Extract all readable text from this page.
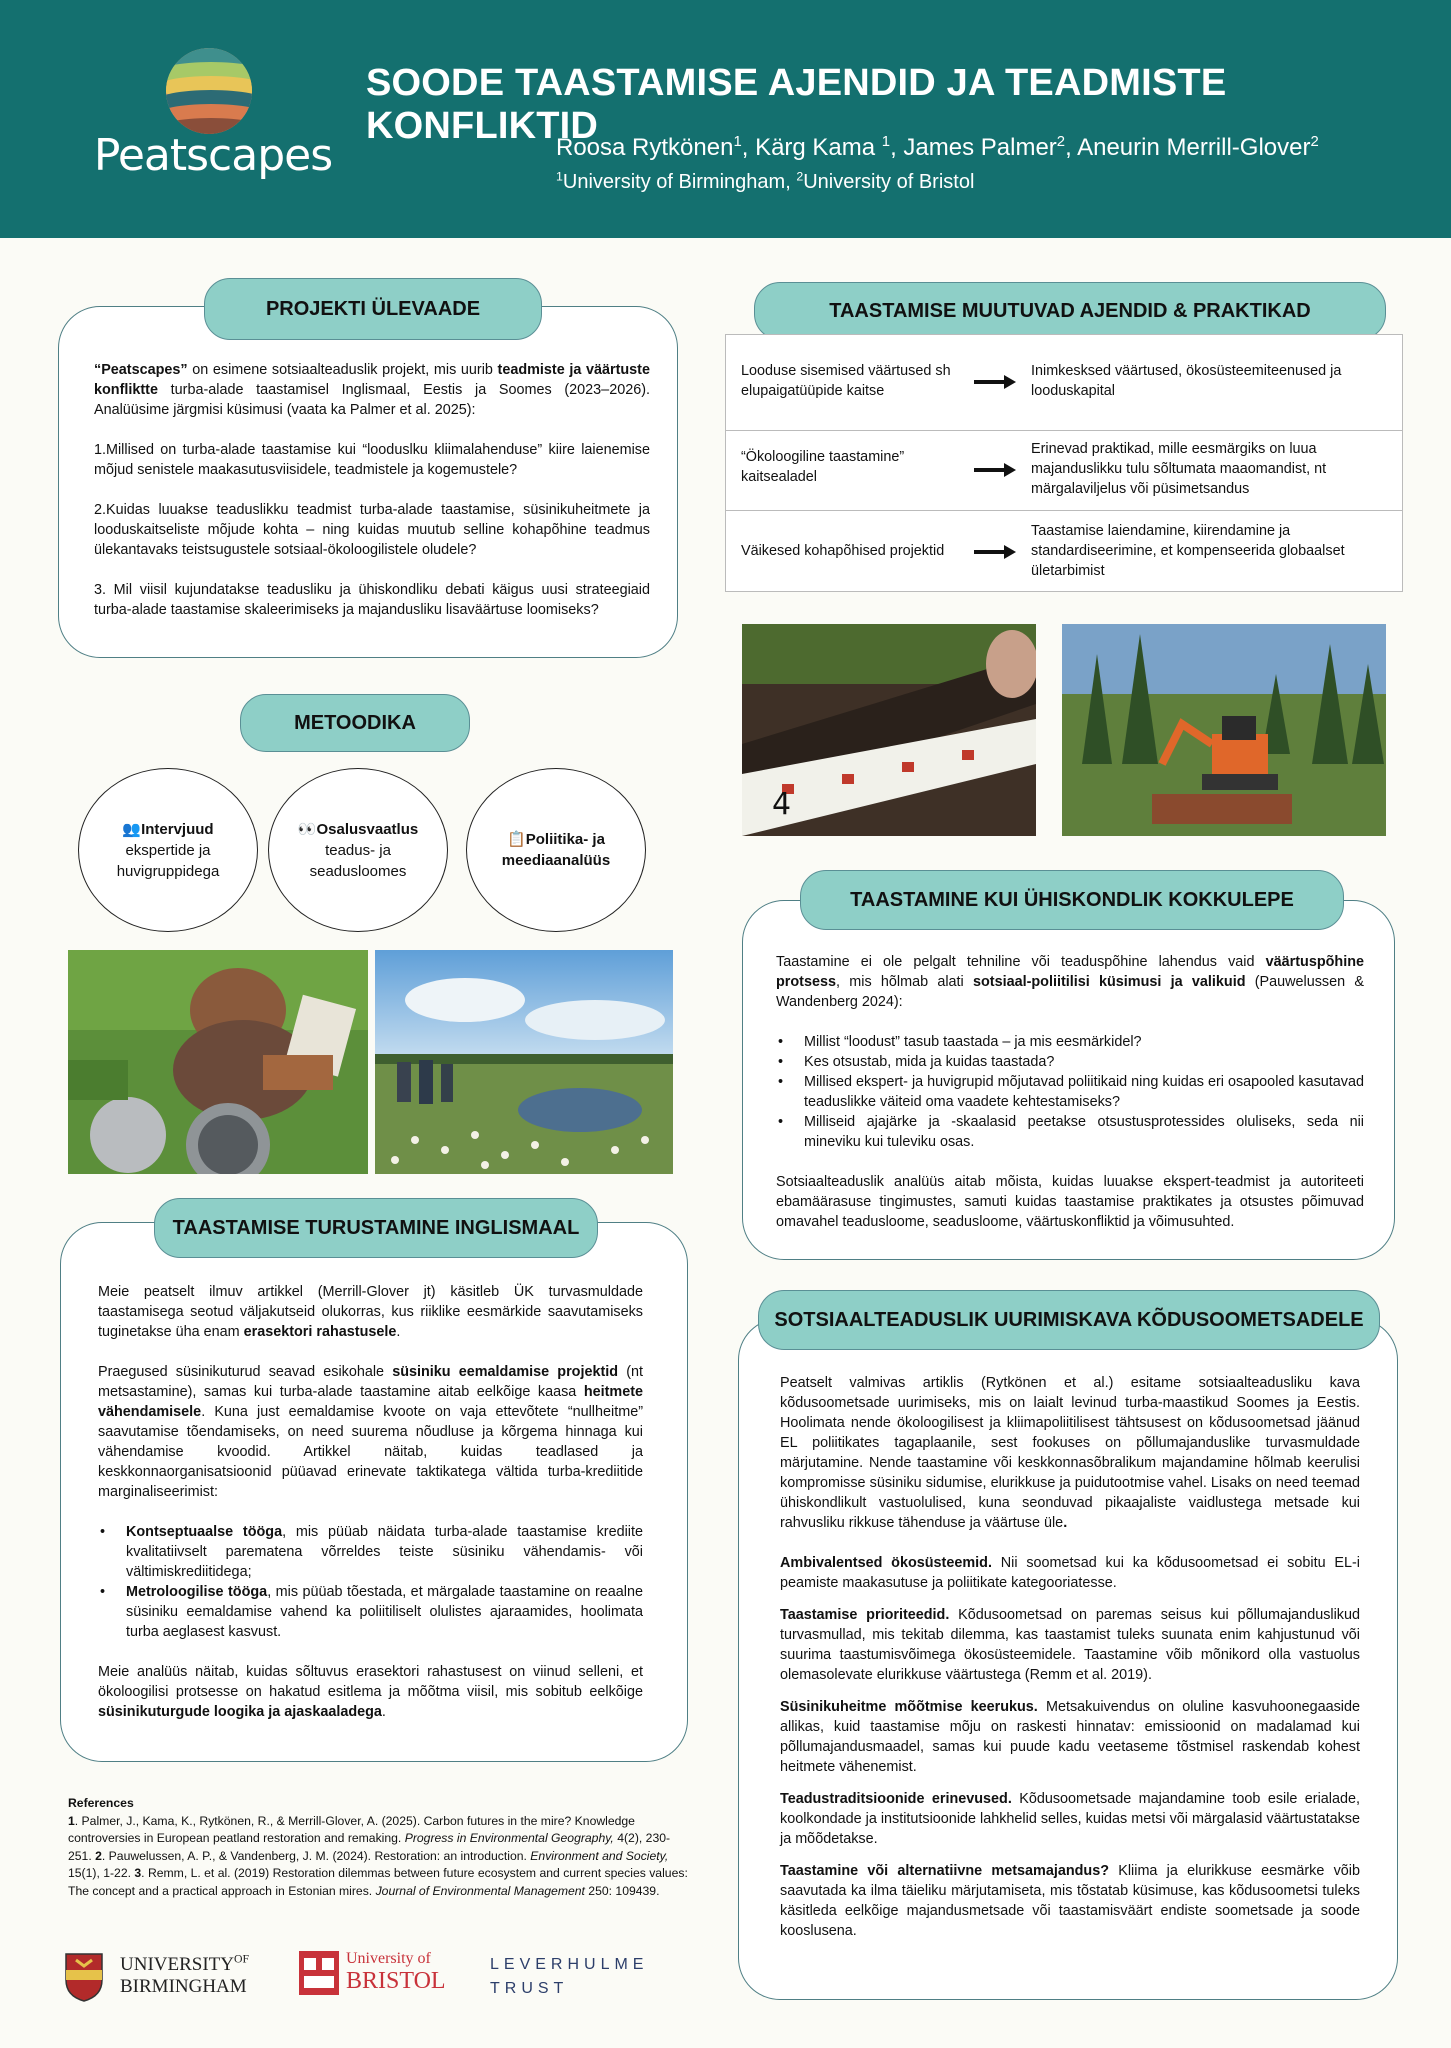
Peatscapes
SOODE TAASTAMISE AJENDID JA TEADMISTE KONFLIKTID
Roosa Rytkönen$^1$, Kärg Kama $^1$, James Palmer$^2$, Aneurin Merrill-Glover$^2$
$^1$University of Birmingham, $^2$University of Bristol
PROJEKTI ÜLEVAADE

“Peatscapes” on esimene sotsiaalteaduslik projekt, mis uurib teadmiste ja väärtuste konfliktte turba-alade taastamisel Inglismaal, Eestis ja Soomes (2023–2026). Analüüsime järgmisi küsimusi (vaata ka Palmer et al. 2025):

1.Millised on turba-alade taastamise kui “looduslku kliimalahenduse” kiire laienemise mõjud senistele maakasutusviisidele, teadmistele ja kogemustele?

2.Kuidas luuakse teaduslikku teadmist turba-alade taastamise, süsinikuheitmete ja looduskaitseliste mõjude kohta – ning kuidas muutub selline kohapõhine teadmus ülekantavaks teistsugustele sotsiaal-ökoloogilistele oludele?

3. Mil viisil kujundatakse teadusliku ja ühiskondliku debati käigus uusi strateegiaid turba-alade taastamise skaleerimiseks ja majandusliku lisaväärtuse loomiseks?

METOODIKA
👥Intervjuud
ekspertide ja
huvigruppidega
👀Osalusvaatlus
teadus- ja
seadusloomes
📋Poliitika- ja
meediaanalüüs
TAASTAMISE TURUSTAMINE INGLISMAAL

Meie peatselt ilmuv artikkel (Merrill-Glover jt) käsitleb ÜK turvasmuldade taastamisega seotud väljakutseid olukorras, kus riiklike eesmärkide saavutamiseks tuginetakse üha enam erasektori rahastusele.

Praegused süsinikuturud seavad esikohale süsiniku eemaldamise projektid (nt metsastamine), samas kui turba-alade taastamine aitab eelkõige kaasa heitmete vähendamisele. Kuna just eemaldamise kvoote on vaja ettevõtete “nullheitme” saavutamise tõendamiseks, on need suurema nõudluse ja kõrgema hinnaga kui vähendamise kvoodid. Artikkel näitab, kuidas teadlased ja keskkonnaorganisatsioonid püüavad erinevate taktikatega vältida turba-krediitide marginaliseerimist:

• Kontseptuaalse tööga, mis püüab näidata turba-alade taastamise krediite kvalitatiivselt parematena võrreldes teiste süsiniku vähendamis- või vältimiskrediitidega;
• Metroloogilise tööga, mis püüab tõestada, et märgalade taastamine on reaalne süsiniku eemaldamise vahend ka poliitiliselt olulistes ajaraamides, hoolimata turba aeglasest kasvust.

Meie analüüs näitab, kuidas sõltuvus erasektori rahastusest on viinud selleni, et ökoloogilisi protsesse on hakatud esitlema ja mõõtma viisil, mis sobitub eelkõige süsinikuturgude loogika ja ajaskaaladega.

References
1. Palmer, J., Kama, K., Rytkönen, R., & Merrill-Glover, A. (2025). Carbon futures in the mire? Knowledge controversies in European peatland restoration and remaking. Progress in Environmental Geography, 4(2), 230-251. 2. Pauwelussen, A. P., & Vandenberg, J. M. (2024). Restoration: an introduction. Environment and Society, 15(1), 1-22. 3. Remm, L. et al. (2019) Restoration dilemmas between future ecosystem and current species values: The concept and a practical approach in Estonian mires. Journal of Environmental Management 250: 109439.
$UNIVERSITY^{OF}$
BIRMINGHAM
University of
BRISTOL
LEVERHULME
TRUST
TAASTAMISE MUUTUVAD AJENDID & PRAKTIKAD
Looduse sisemised väärtused sh elupaigatüüpide kaitse
Inimkesksed väärtused, ökosüsteemiteenused ja looduskapital
“Ökoloogiline taastamine” kaitsealadel
Erinevad praktikad, mille eesmärgiks on luua majanduslikku tulu sõltumata maaomandist, nt märgalaviljelus või püsimetsandus
Väikesed kohapõhised projektid
Taastamise laiendamine, kiirendamine ja standardiseerimine, et kompenseerida globaalset ületarbimist
4
TAASTAMINE KUI ÜHISKONDLIK KOKKULEPE

Taastamine ei ole pelgalt tehniline või teaduspõhine lahendus vaid väärtuspõhine protsess, mis hõlmab alati sotsiaal-poliitilisi küsimusi ja valikuid (Pauwelussen & Wandenberg 2024):

• Millist “loodust” tasub taastada – ja mis eesmärkidel?
• Kes otsustab, mida ja kuidas taastada?
• Millised ekspert- ja huvigrupid mõjutavad poliitikaid ning kuidas eri osapooled kasutavad teaduslikke väiteid oma vaadete kehtestamiseks?
• Milliseid ajajärke ja -skaalasid peetakse otsustusprotessides oluliseks, seda nii mineviku kui tuleviku osas.

Sotsiaalteaduslik analüüs aitab mõista, kuidas luuakse ekspert-teadmist ja autoriteeti ebamäärasuse tingimustes, samuti kuidas taastamise praktikates ja otsustes põimuvad omavahel teadusloome, seadusloome, väärtuskonfliktid ja võimusuhted.

SOTSIAALTEADUSLIK UURIMISKAVA KÕDUSOOMETSADELE

Peatselt valmivas artiklis (Rytkönen et al.) esitame sotsiaalteadusliku kava kõdusoometsade uurimiseks, mis on laialt levinud turba-maastikud Soomes ja Eestis. Hoolimata nende ökoloogilisest ja kliimapoliitilisest tähtsusest on kõdusoometsad jäänud EL poliitikates tagaplaanile, sest fookuses on põllumajanduslike turvasmuldade märjutamine. Nende taastamine või keskkonnasõbralikum majandamine hõlmab keerulisi kompromisse süsiniku sidumise, elurikkuse ja puidutootmise vahel. Lisaks on need teemad ühiskondlikult vastuolulised, kuna seonduvad pikaajaliste vaidlustega metsade kui rahvusliku rikkuse tähenduse ja väärtuse üle.

Ambivalentsed ökosüsteemid. Nii soometsad kui ka kõdusoometsad ei sobitu EL-i peamiste maakasutuse ja poliitikate kategooriatesse.

Taastamise prioriteedid. Kõdusoometsad on paremas seisus kui põllumajanduslikud turvasmullad, mis tekitab dilemma, kas taastamist tuleks suunata enim kahjustunud või suurima taastumisvõimega ökosüsteemidele. Taastamine võib mõnikord olla vastuolus olemasolevate elurikkuse väärtustega (Remm et al. 2019).

Süsinikuheitme mõõtmise keerukus. Metsakuivendus on oluline kasvuhoonegaaside allikas, kuid taastamise mõju on raskesti hinnatav: emissioonid on madalamad kui põllumajandusmaadel, samas kui puude kadu veetaseme tõstmisel raskendab kohest heitmete vähenemist.

Teadustraditsioonide erinevused. Kõdusoometsade majandamine toob esile erialade, koolkondade ja institutsioonide lahkhelid selles, kuidas metsi või märgalasid väärtustatakse ja mõõdetakse.

Taastamine või alternatiivne metsamajandus? Kliima ja elurikkuse eesmärke võib saavutada ka ilma täieliku märjutamiseta, mis tõstatab küsimuse, kas kõdusoometsi tuleks käsitleda eelkõige majandusmetsade või taastamisväärt endiste soometsade ja soode kooslusena.
